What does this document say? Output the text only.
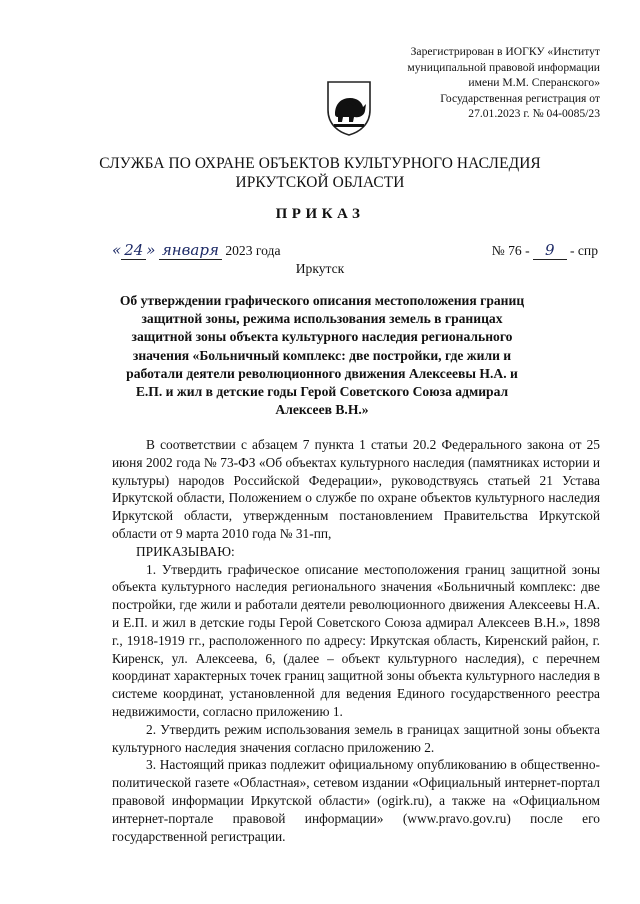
Зарегистрирован в ИОГКУ «Институт
муниципальной правовой информации
имени М.М. Сперанского»
Государственная регистрация от
27.01.2023 г. № 04-0085/23
СЛУЖБА ПО ОХРАНЕ ОБЪЕКТОВ КУЛЬТУРНОГО НАСЛЕДИЯ
ИРКУТСКОЙ ОБЛАСТИ
ПРИКАЗ
« 24 » января 2023 года	№ 76 - 9 - спр
Иркутск
Об утверждении графического описания местоположения границ защитной зоны, режима использования земель в границах защитной зоны объекта культурного наследия регионального значения «Больничный комплекс: две постройки, где жили и работали деятели революционного движения Алексеевы Н.А. и Е.П. и жил в детские годы Герой Советского Союза адмирал Алексеев В.Н.»

В соответствии с абзацем 7 пункта 1 статьи 20.2 Федерального закона от 25 июня 2002 года № 73-ФЗ «Об объектах культурного наследия (памятниках истории и культуры) народов Российской Федерации», руководствуясь статьей 21 Устава Иркутской области, Положением о службе по охране объектов культурного наследия Иркутской области, утвержденным постановлением Правительства Иркутской области от 9 марта 2010 года № 31-пп,

ПРИКАЗЫВАЮ:

1. Утвердить графическое описание местоположения границ защитной зоны объекта культурного наследия регионального значения «Больничный комплекс: две постройки, где жили и работали деятели революционного движения Алексеевы Н.А. и Е.П. и жил в детские годы Герой Советского Союза адмирал Алексеев В.Н.», 1898 г., 1918-1919 гг., расположенного по адресу: Иркутская область, Киренский район, г. Киренск, ул. Алексеева, 6, (далее – объект культурного наследия), с перечнем координат характерных точек границ защитной зоны объекта культурного наследия в системе координат, установленной для ведения Единого государственного реестра недвижимости, согласно приложению 1.

2. Утвердить режим использования земель в границах защитной зоны объекта культурного наследия значения согласно приложению 2.

3. Настоящий приказ подлежит официальному опубликованию в общественно-политической газете «Областная», сетевом издании «Официальный интернет-портал правовой информации Иркутской области» (ogirk.ru), а также на «Официальном интернет-портале правовой информации» (www.pravo.gov.ru) после его государственной регистрации.
